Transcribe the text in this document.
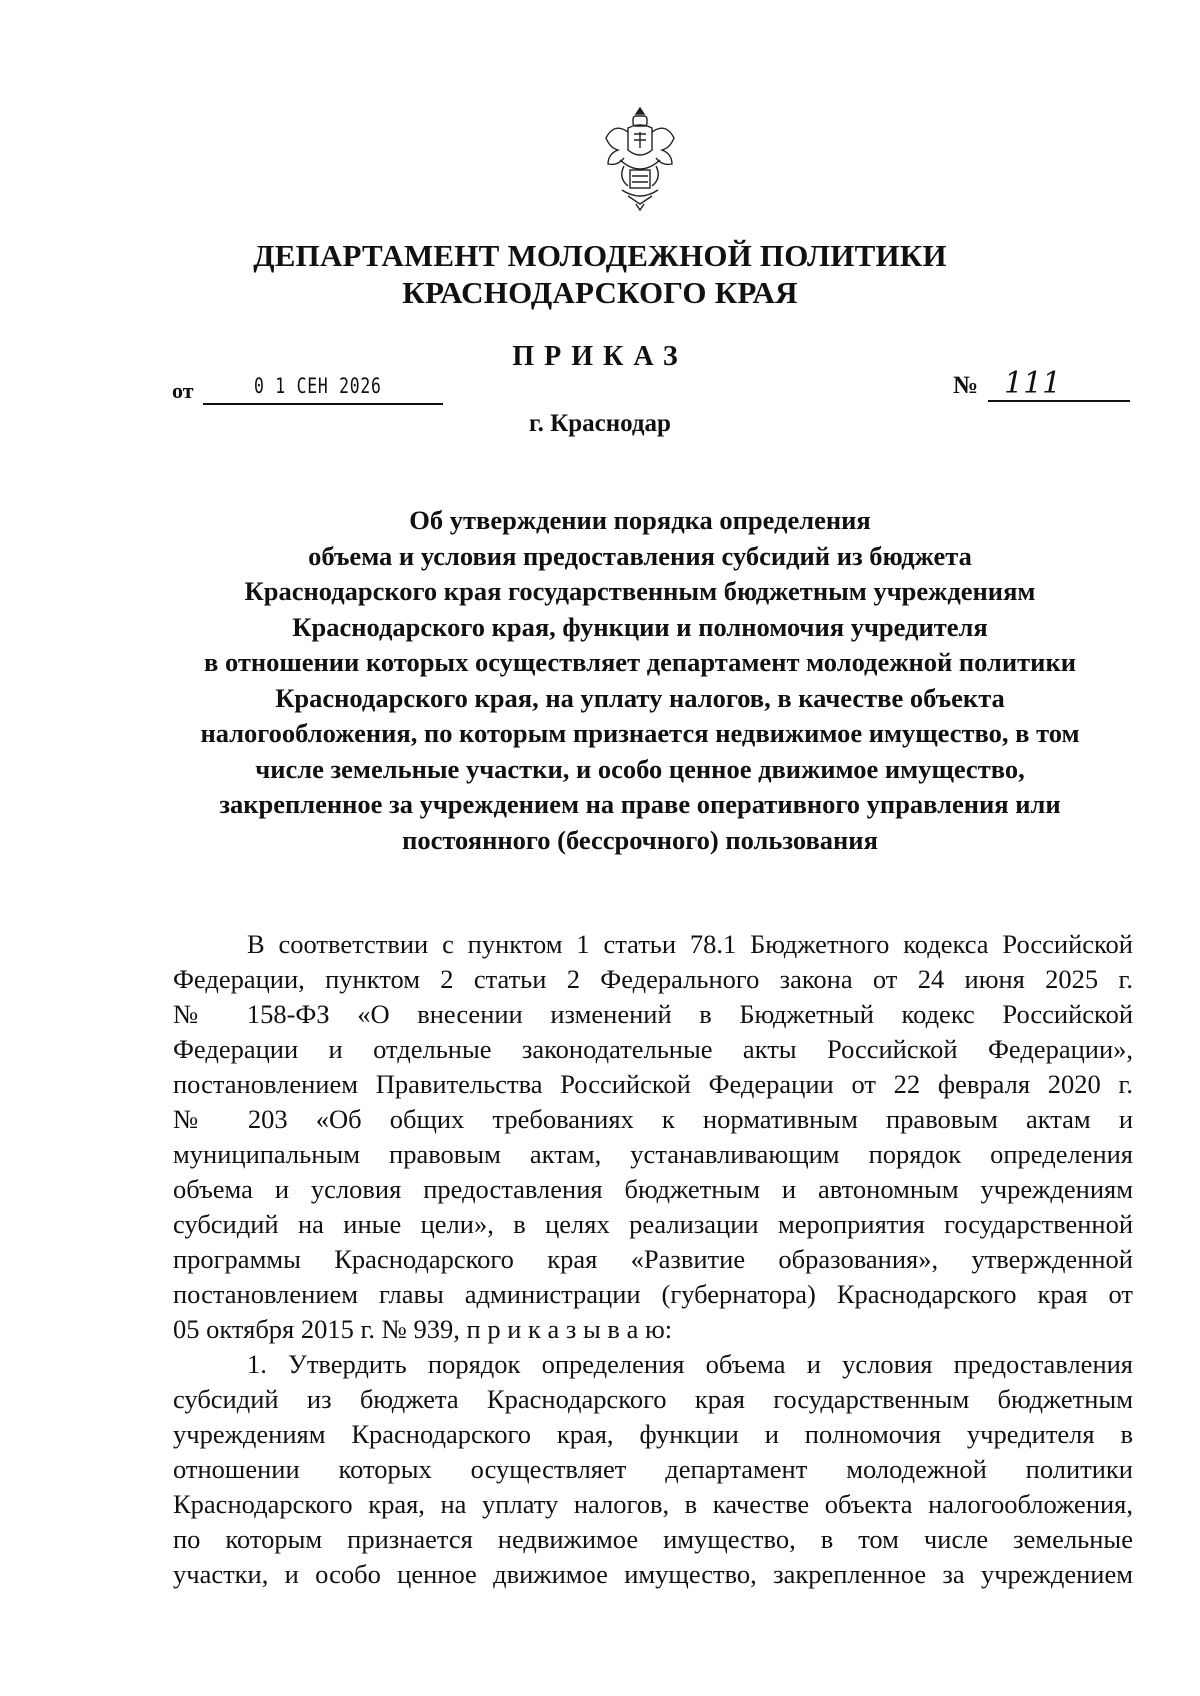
ДЕПАРТАМЕНТ МОЛОДЕЖНОЙ ПОЛИТИКИ
КРАСНОДАРСКОГО КРАЯ
ПРИКАЗ
от	0 1 СЕН 2026	№ 111
г. Краснодар
Об утверждении порядка определения
объема и условия предоставления субсидий из бюджета
Краснодарского края государственным бюджетным учреждениям
Краснодарского края, функции и полномочия учредителя
в отношении которых осуществляет департамент молодежной политики
Краснодарского края, на уплату налогов, в качестве объекта
налогообложения, по которым признается недвижимое имущество, в том
числе земельные участки, и особо ценное движимое имущество,
закрепленное за учреждением на праве оперативного управления или
постоянного (бессрочного) пользования
В соответствии с пунктом 1 статьи 78.1 Бюджетного кодекса Российской
Федерации, пунктом 2 статьи 2 Федерального закона от 24 июня 2025 г.
№ 158-ФЗ «О внесении изменений в Бюджетный кодекс Российской
Федерации и отдельные законодательные акты Российской Федерации»,
постановлением Правительства Российской Федерации от 22 февраля 2020 г.
№ 203 «Об общих требованиях к нормативным правовым актам и
муниципальным правовым актам, устанавливающим порядок определения
объема и условия предоставления бюджетным и автономным учреждениям
субсидий на иные цели», в целях реализации мероприятия государственной
программы Краснодарского края «Развитие образования», утвержденной
постановлением главы администрации (губернатора) Краснодарского края от
05 октября 2015 г. № 939, п р и к а з ы в а ю:
1. Утвердить порядок определения объема и условия предоставления
субсидий из бюджета Краснодарского края государственным бюджетным
учреждениям Краснодарского края, функции и полномочия учредителя в
отношении которых осуществляет департамент молодежной политики
Краснодарского края, на уплату налогов, в качестве объекта налогообложения,
по которым признается недвижимое имущество, в том числе земельные
участки, и особо ценное движимое имущество, закрепленное за учреждением
